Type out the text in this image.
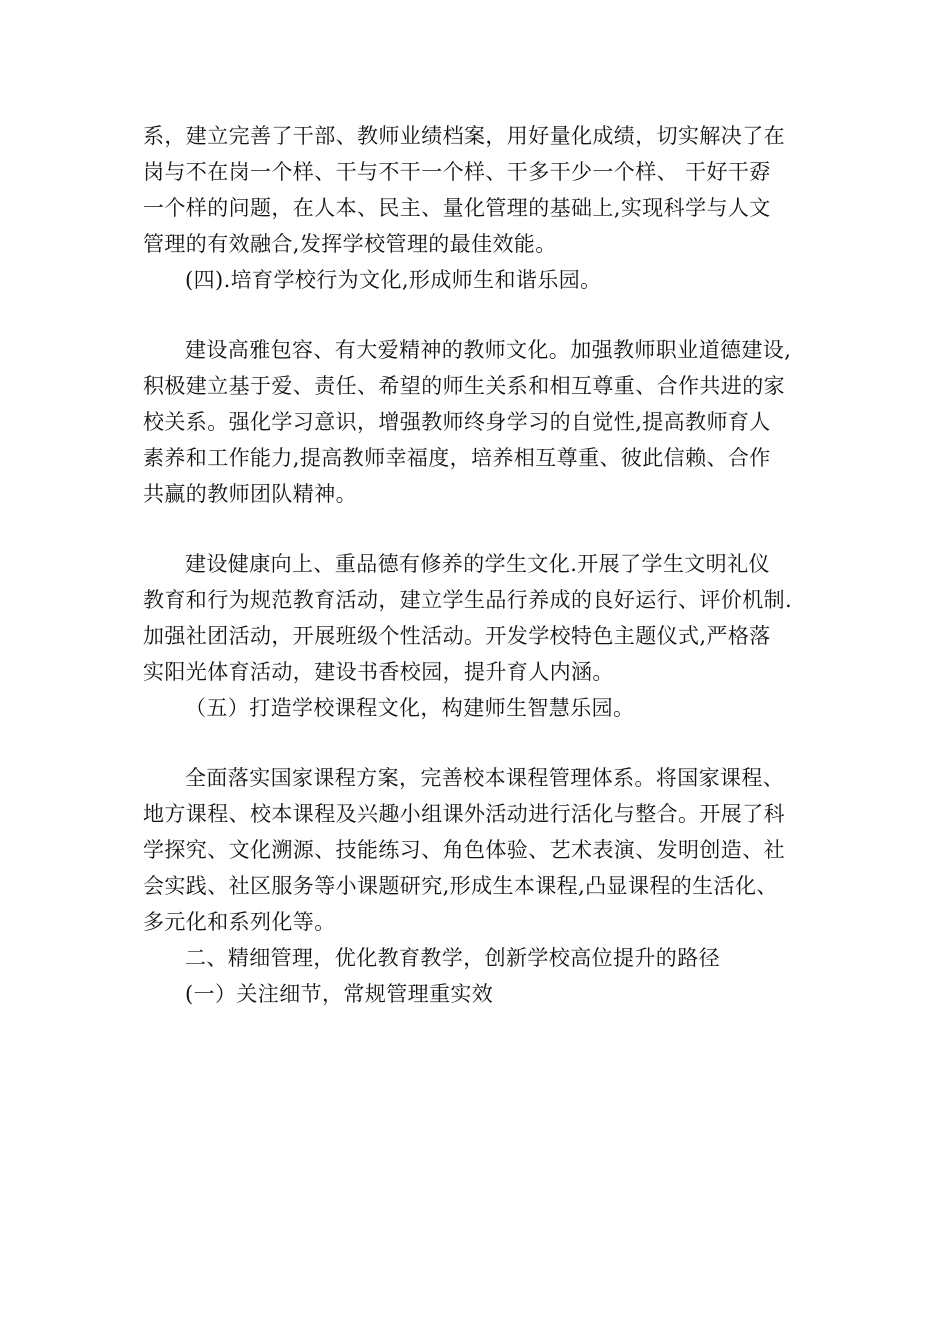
系，建立完善了干部、教师业绩档案，用好量化成绩，切实解决了在
岗与不在岗一个样、干与不干一个样、干多干少一个样、 干好干孬
一个样的问题，在人本、民主、量化管理的基础上,实现科学与人文
管理的有效融合,发挥学校管理的最佳效能。

(四).培育学校行为文化,形成师生和谐乐园。

建设高雅包容、有大爱精神的教师文化。加强教师职业道德建设,
积极建立基于爱、责任、希望的师生关系和相互尊重、合作共进的家
校关系。强化学习意识，增强教师终身学习的自觉性,提高教师育人
素养和工作能力,提高教师幸福度，培养相互尊重、彼此信赖、合作
共赢的教师团队精神。

建设健康向上、重品德有修养的学生文化.开展了学生文明礼仪
教育和行为规范教育活动，建立学生品行养成的良好运行、评价机制.
加强社团活动，开展班级个性活动。开发学校特色主题仪式,严格落
实阳光体育活动，建设书香校园，提升育人内涵。

（五）打造学校课程文化，构建师生智慧乐园。

全面落实国家课程方案，完善校本课程管理体系。将国家课程、
地方课程、校本课程及兴趣小组课外活动进行活化与整合。开展了科
学探究、文化溯源、技能练习、角色体验、艺术表演、发明创造、社
会实践、社区服务等小课题研究,形成生本课程,凸显课程的生活化、
多元化和系列化等。

二、精细管理，优化教育教学，创新学校高位提升的路径

(一）关注细节，常规管理重实效
